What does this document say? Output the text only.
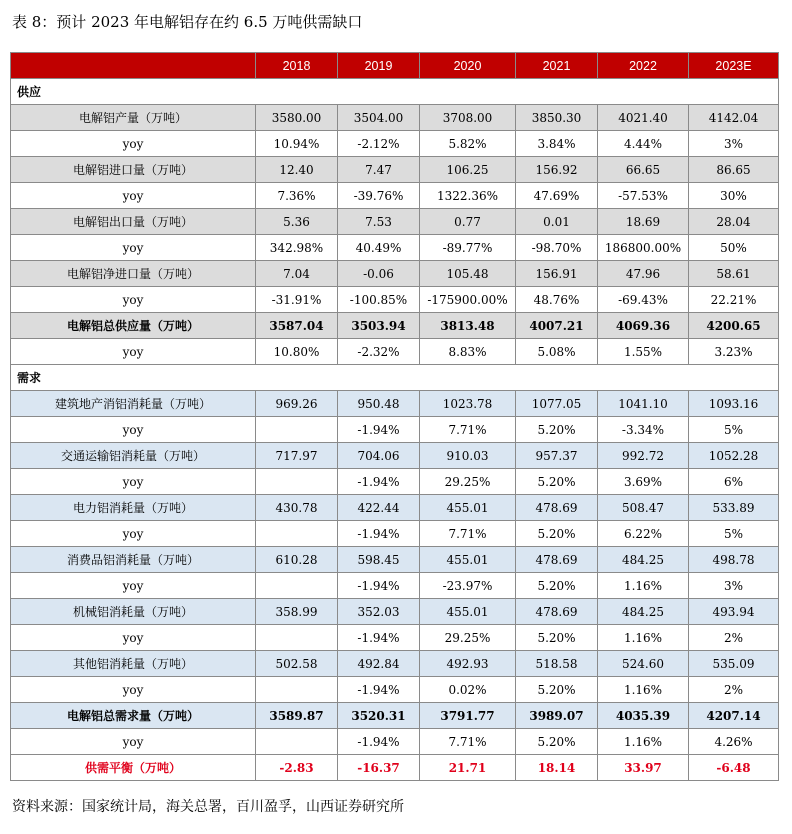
表 8：预计 2023 年电解铝存在约 6.5 万吨供需缺口
	2018	2019	2020	2021	2022	2023E
供应						
电解铝产量（万吨）	3580.00	3504.00	3708.00	3850.30	4021.40	4142.04
yoy	10.94%	-2.12%	5.82%	3.84%	4.44%	3%
电解铝进口量（万吨）	12.40	7.47	106.25	156.92	66.65	86.65
yoy	7.36%	-39.76%	1322.36%	47.69%	-57.53%	30%
电解铝出口量（万吨）	5.36	7.53	0.77	0.01	18.69	28.04
yoy	342.98%	40.49%	-89.77%	-98.70%	186800.00%	50%
电解铝净进口量（万吨）	7.04	-0.06	105.48	156.91	47.96	58.61
yoy	-31.91%	-100.85%	-175900.00%	48.76%	-69.43%	22.21%
电解铝总供应量（万吨）	3587.04	3503.94	3813.48	4007.21	4069.36	4200.65
yoy	10.80%	-2.32%	8.83%	5.08%	1.55%	3.23%
需求						
建筑地产消铝消耗量（万吨）	969.26	950.48	1023.78	1077.05	1041.10	1093.16
yoy		-1.94%	7.71%	5.20%	-3.34%	5%
交通运输铝消耗量（万吨）	717.97	704.06	910.03	957.37	992.72	1052.28
yoy		-1.94%	29.25%	5.20%	3.69%	6%
电力铝消耗量（万吨）	430.78	422.44	455.01	478.69	508.47	533.89
yoy		-1.94%	7.71%	5.20%	6.22%	5%
消费品铝消耗量（万吨）	610.28	598.45	455.01	478.69	484.25	498.78
yoy		-1.94%	-23.97%	5.20%	1.16%	3%
机械铝消耗量（万吨）	358.99	352.03	455.01	478.69	484.25	493.94
yoy		-1.94%	29.25%	5.20%	1.16%	2%
其他铝消耗量（万吨）	502.58	492.84	492.93	518.58	524.60	535.09
yoy		-1.94%	0.02%	5.20%	1.16%	2%
电解铝总需求量（万吨）	3589.87	3520.31	3791.77	3989.07	4035.39	4207.14
yoy		-1.94%	7.71%	5.20%	1.16%	4.26%
供需平衡（万吨）	-2.83	-16.37	21.71	18.14	33.97	-6.48
资料来源：国家统计局，海关总署，百川盈孚，山西证券研究所
